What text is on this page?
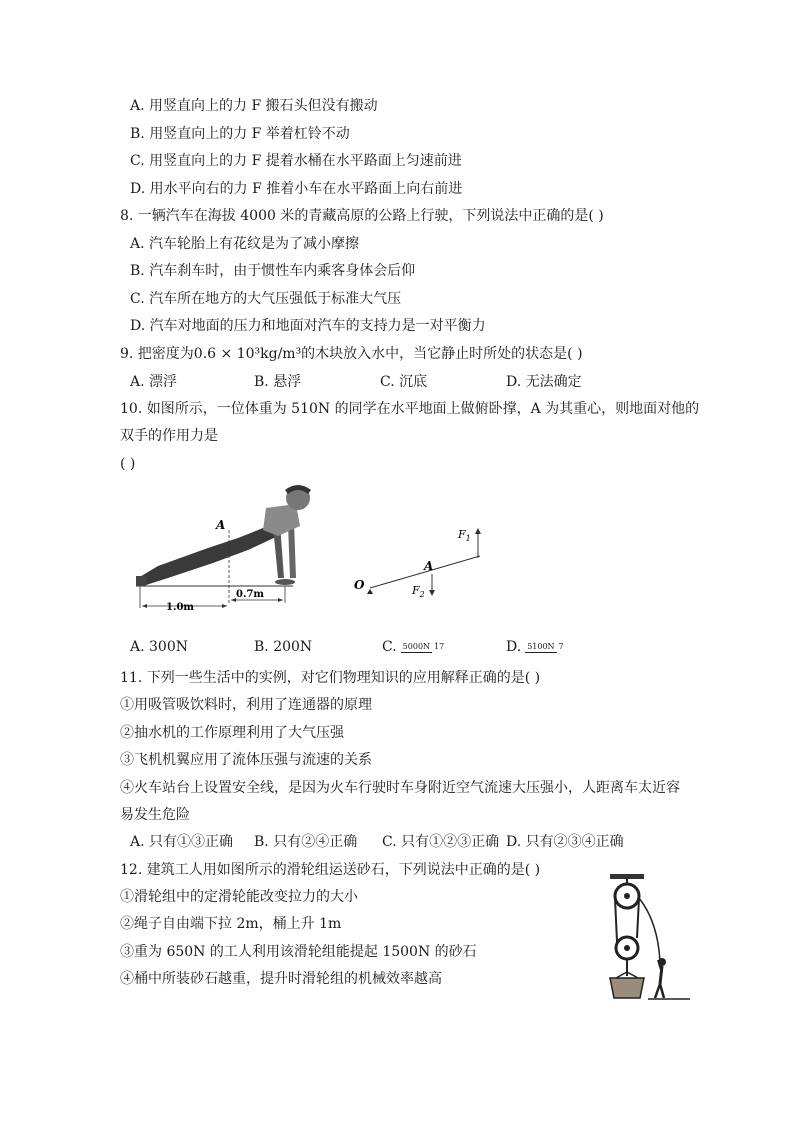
A. 用竖直向上的力 F 搬石头但没有搬动
B. 用竖直向上的力 F 举着杠铃不动
C. 用竖直向上的力 F 提着水桶在水平路面上匀速前进
D. 用水平向右的力 F 推着小车在水平路面上向右前进
8. 一辆汽车在海拔 4000 米的青藏高原的公路上行驶，下列说法中正确的是( )
A. 汽车轮胎上有花纹是为了减小摩擦
B. 汽车刹车时，由于惯性车内乘客身体会后仰
C. 汽车所在地方的大气压强低于标准大气压
D. 汽车对地面的压力和地面对汽车的支持力是一对平衡力
9. 把密度为0.6 × 10³kg/m³的木块放入水中，当它静止时所处的状态是( )
A. 漂浮	B. 悬浮	C. 沉底	D. 无法确定
10. 如图所示，一位体重为 510N 的同学在水平地面上做俯卧撑，A 为其重心，则地面对他的
双手的作用力是
( )
A
1.0m
0.7m
O
A
$F_1$
$F_2$
A. 300N	B. 200N	C. 5000N 17	D. 5100N 7
11. 下列一些生活中的实例，对它们物理知识的应用解释正确的是( )
①用吸管吸饮料时，利用了连通器的原理
②抽水机的工作原理利用了大气压强
③飞机机翼应用了流体压强与流速的关系
④火车站台上设置安全线，是因为火车行驶时车身附近空气流速大压强小，人距离车太近容
易发生危险
A. 只有①③正确	B. 只有②④正确	C. 只有①②③正确 D. 只有②③④正确
12. 建筑工人用如图所示的滑轮组运送砂石，下列说法中正确的是( )
①滑轮组中的定滑轮能改变拉力的大小
②绳子自由端下拉 2m，桶上升 1m
③重为 650N 的工人利用该滑轮组能提起 1500N 的砂石
④桶中所装砂石越重，提升时滑轮组的机械效率越高
